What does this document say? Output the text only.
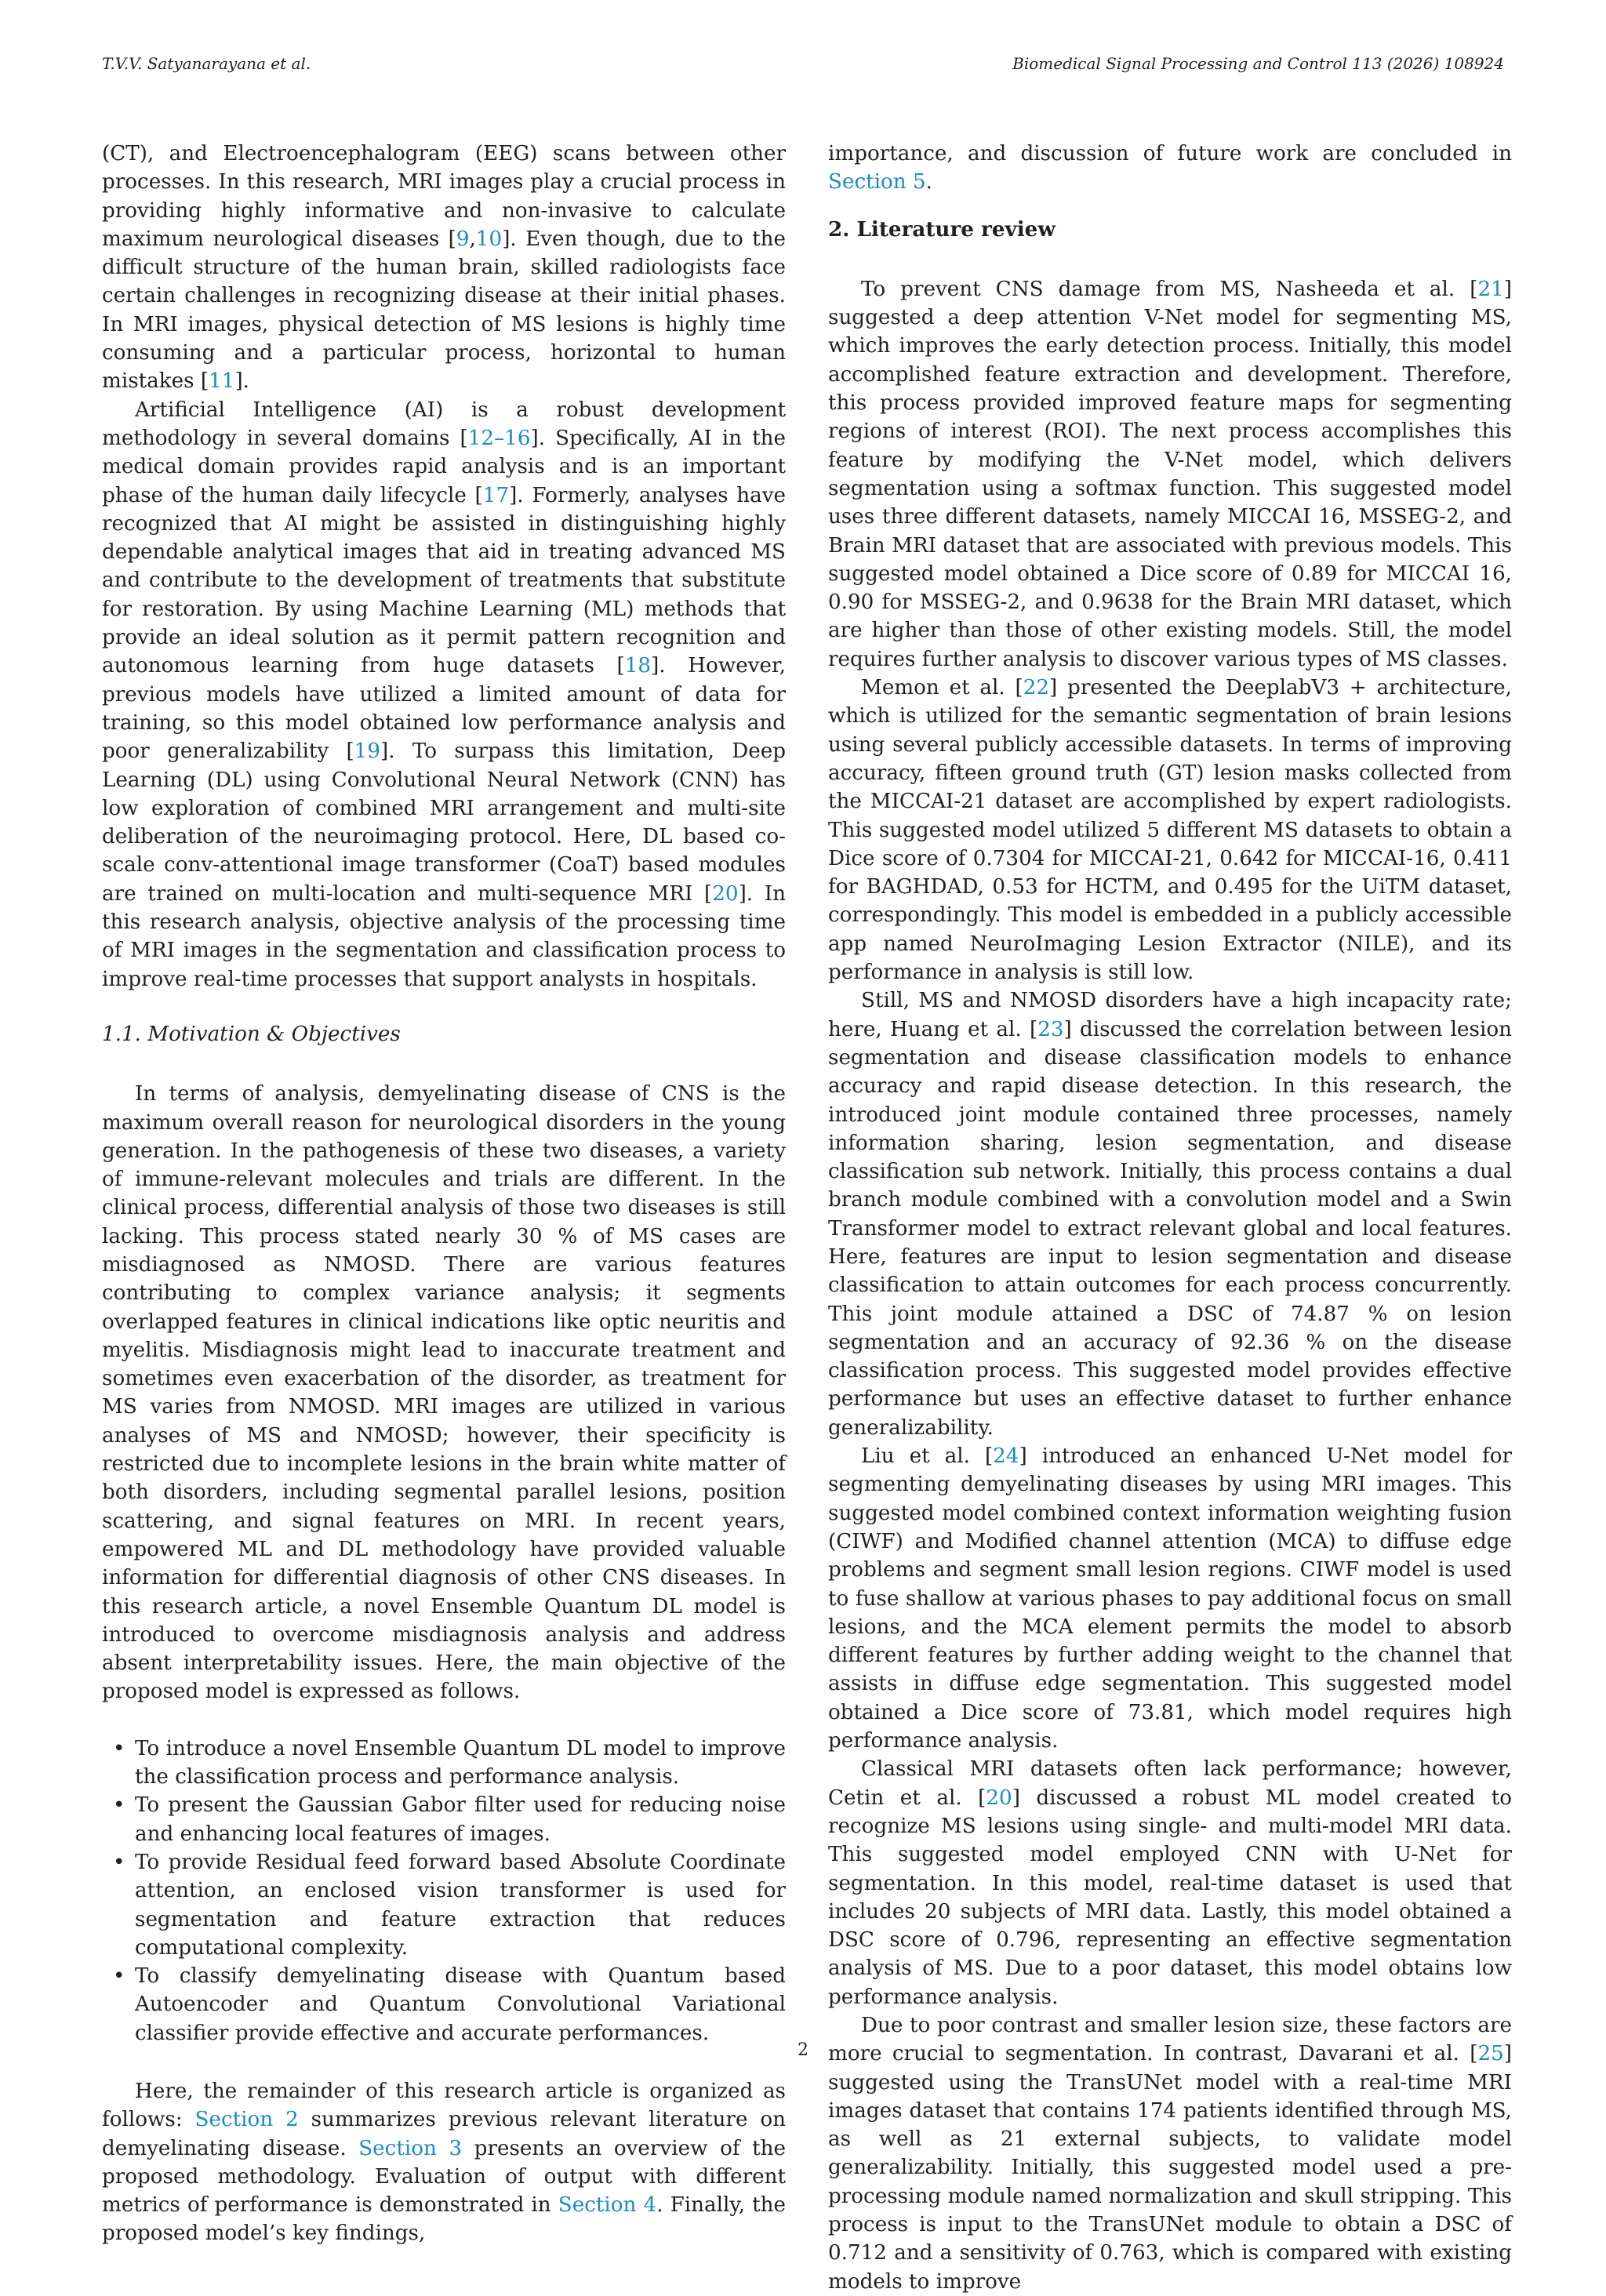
T.V.V. Satyanarayana et al.	Biomedical Signal Processing and Control 113 (2026) 108924

(CT), and Electroencephalogram (EEG) scans between other processes. In this research, MRI images play a crucial process in providing highly informative and non-invasive to calculate maximum neurological diseases [9,10]. Even though, due to the difficult structure of the human brain, skilled radiologists face certain challenges in recognizing disease at their initial phases. In MRI images, physical detection of MS lesions is highly time consuming and a particular process, horizontal to human mistakes [11].

Artificial Intelligence (AI) is a robust development methodology in several domains [12–16]. Specifically, AI in the medical domain provides rapid analysis and is an important phase of the human daily lifecycle [17]. Formerly, analyses have recognized that AI might be assisted in distinguishing highly dependable analytical images that aid in treating advanced MS and contribute to the development of treatments that substitute for restoration. By using Machine Learning (ML) methods that provide an ideal solution as it permit pattern recognition and autonomous learning from huge datasets [18]. However, previous models have utilized a limited amount of data for training, so this model obtained low performance analysis and poor generalizability [19]. To surpass this limitation, Deep Learning (DL) using Convolutional Neural Network (CNN) has low exploration of combined MRI arrangement and multi-site deliberation of the neuroimaging protocol. Here, DL based co-scale conv-attentional image transformer (CoaT) based modules are trained on multi-location and multi-sequence MRI [20]. In this research analysis, objective analysis of the processing time of MRI images in the segmentation and classification process to improve real-time processes that support analysts in hospitals.

1.1. Motivation & Objectives

In terms of analysis, demyelinating disease of CNS is the maximum overall reason for neurological disorders in the young generation. In the pathogenesis of these two diseases, a variety of immune-relevant molecules and trials are different. In the clinical process, differential analysis of those two diseases is still lacking. This process stated nearly 30 % of MS cases are misdiagnosed as NMOSD. There are various features contributing to complex variance analysis; it segments overlapped features in clinical indications like optic neuritis and myelitis. Misdiagnosis might lead to inaccurate treatment and sometimes even exacerbation of the disorder, as treatment for MS varies from NMOSD. MRI images are utilized in various analyses of MS and NMOSD; however, their specificity is restricted due to incomplete lesions in the brain white matter of both disorders, including segmental parallel lesions, position scattering, and signal features on MRI. In recent years, empowered ML and DL methodology have provided valuable information for differential diagnosis of other CNS diseases. In this research article, a novel Ensemble Quantum DL model is introduced to overcome misdiagnosis analysis and address absent interpretability issues. Here, the main objective of the proposed model is expressed as follows.

• To introduce a novel Ensemble Quantum DL model to improve the classification process and performance analysis.
• To present the Gaussian Gabor filter used for reducing noise and enhancing local features of images.
• To provide Residual feed forward based Absolute Coordinate attention, an enclosed vision transformer is used for segmentation and feature extraction that reduces computational complexity.
• To classify demyelinating disease with Quantum based Autoencoder and Quantum Convolutional Variational classifier provide effective and accurate performances.

Here, the remainder of this research article is organized as follows: Section 2 summarizes previous relevant literature on demyelinating disease. Section 3 presents an overview of the proposed methodology. Evaluation of output with different metrics of performance is demonstrated in Section 4. Finally, the proposed model’s key findings,

importance, and discussion of future work are concluded in Section 5.

2. Literature review

To prevent CNS damage from MS, Nasheeda et al. [21] suggested a deep attention V-Net model for segmenting MS, which improves the early detection process. Initially, this model accomplished feature extraction and development. Therefore, this process provided improved feature maps for segmenting regions of interest (ROI). The next process accomplishes this feature by modifying the V-Net model, which delivers segmentation using a softmax function. This suggested model uses three different datasets, namely MICCAI 16, MSSEG-2, and Brain MRI dataset that are associated with previous models. This suggested model obtained a Dice score of 0.89 for MICCAI 16, 0.90 for MSSEG-2, and 0.9638 for the Brain MRI dataset, which are higher than those of other existing models. Still, the model requires further analysis to discover various types of MS classes.

Memon et al. [22] presented the DeeplabV3 + architecture, which is utilized for the semantic segmentation of brain lesions using several publicly accessible datasets. In terms of improving accuracy, fifteen ground truth (GT) lesion masks collected from the MICCAI-21 dataset are accomplished by expert radiologists. This suggested model utilized 5 different MS datasets to obtain a Dice score of 0.7304 for MICCAI-21, 0.642 for MICCAI-16, 0.411 for BAGHDAD, 0.53 for HCTM, and 0.495 for the UiTM dataset, correspondingly. This model is embedded in a publicly accessible app named NeuroImaging Lesion Extractor (NILE), and its performance in analysis is still low.

Still, MS and NMOSD disorders have a high incapacity rate; here, Huang et al. [23] discussed the correlation between lesion segmentation and disease classification models to enhance accuracy and rapid disease detection. In this research, the introduced joint module contained three processes, namely information sharing, lesion segmentation, and disease classification sub network. Initially, this process contains a dual branch module combined with a convolution model and a Swin Transformer model to extract relevant global and local features. Here, features are input to lesion segmentation and disease classification to attain outcomes for each process concurrently. This joint module attained a DSC of 74.87 % on lesion segmentation and an accuracy of 92.36 % on the disease classification process. This suggested model provides effective performance but uses an effective dataset to further enhance generalizability.

Liu et al. [24] introduced an enhanced U-Net model for segmenting demyelinating diseases by using MRI images. This suggested model combined context information weighting fusion (CIWF) and Modified channel attention (MCA) to diffuse edge problems and segment small lesion regions. CIWF model is used to fuse shallow at various phases to pay additional focus on small lesions, and the MCA element permits the model to absorb different features by further adding weight to the channel that assists in diffuse edge segmentation. This suggested model obtained a Dice score of 73.81, which model requires high performance analysis.

Classical MRI datasets often lack performance; however, Cetin et al. [20] discussed a robust ML model created to recognize MS lesions using single- and multi-model MRI data. This suggested model employed CNN with U-Net for segmentation. In this model, real-time dataset is used that includes 20 subjects of MRI data. Lastly, this model obtained a DSC score of 0.796, representing an effective segmentation analysis of MS. Due to a poor dataset, this model obtains low performance analysis.

Due to poor contrast and smaller lesion size, these factors are more crucial to segmentation. In contrast, Davarani et al. [25] suggested using the TransUNet model with a real-time MRI images dataset that contains 174 patients identified through MS, as well as 21 external subjects, to validate model generalizability. Initially, this suggested model used a pre-processing module named normalization and skull stripping. This process is input to the TransUNet module to obtain a DSC of 0.712 and a sensitivity of 0.763, which is compared with existing models to improve

2
